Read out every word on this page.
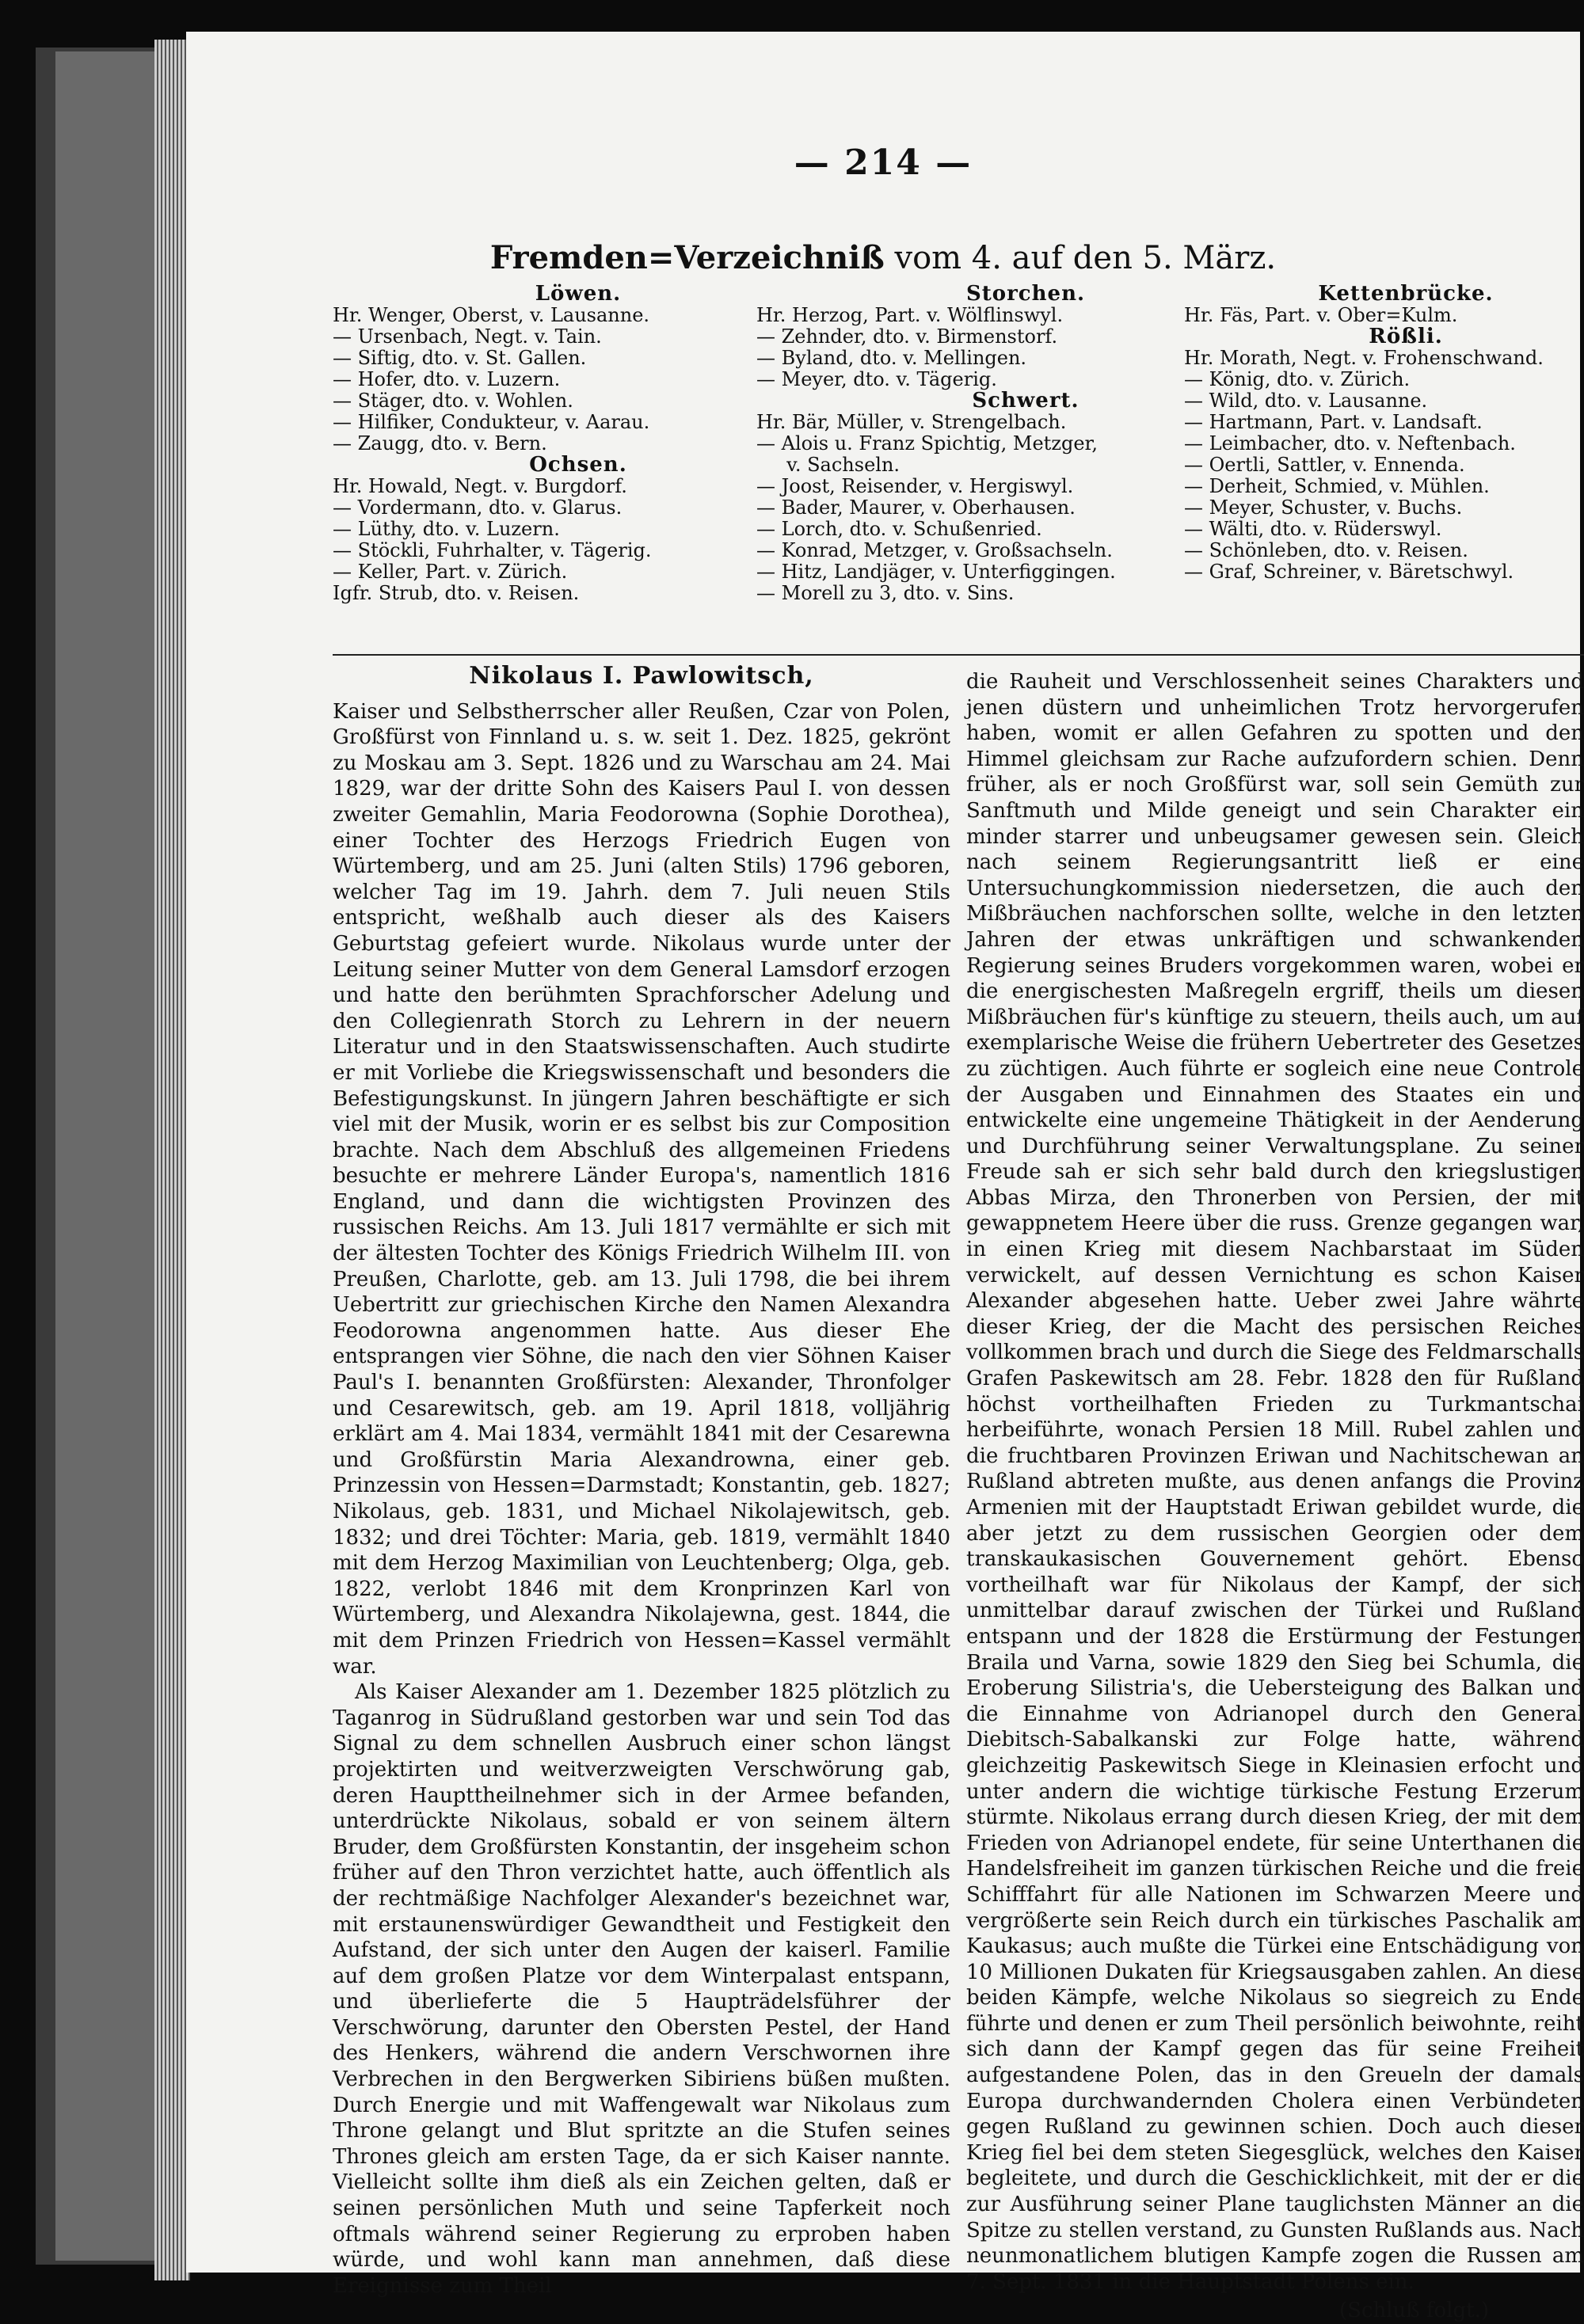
— 214 —
Fremden=Verzeichniß vom 4. auf den 5. März.
Löwen.
Hr. Wenger, Oberst, v. Lausanne.
— Ursenbach, Negt. v. Tain.
— Siftig, dto. v. St. Gallen.
— Hofer, dto. v. Luzern.
— Stäger, dto. v. Wohlen.
— Hilfiker, Condukteur, v. Aarau.
— Zaugg, dto. v. Bern.
Ochsen.
Hr. Howald, Negt. v. Burgdorf.
— Vordermann, dto. v. Glarus.
— Lüthy, dto. v. Luzern.
— Stöckli, Fuhrhalter, v. Tägerig.
— Keller, Part. v. Zürich.
Igfr. Strub, dto. v. Reisen.
Storchen.
Hr. Herzog, Part. v. Wölflinswyl.
— Zehnder, dto. v. Birmenstorf.
— Byland, dto. v. Mellingen.
— Meyer, dto. v. Tägerig.
Schwert.
Hr. Bär, Müller, v. Strengelbach.
— Alois u. Franz Spichtig, Metzger,
v. Sachseln.
— Joost, Reisender, v. Hergiswyl.
— Bader, Maurer, v. Oberhausen.
— Lorch, dto. v. Schußenried.
— Konrad, Metzger, v. Großsachseln.
— Hitz, Landjäger, v. Unterfiggingen.
— Morell zu 3, dto. v. Sins.
Kettenbrücke.
Hr. Fäs, Part. v. Ober=Kulm.
Rößli.
Hr. Morath, Negt. v. Frohenschwand.
— König, dto. v. Zürich.
— Wild, dto. v. Lausanne.
— Hartmann, Part. v. Landsaft.
— Leimbacher, dto. v. Neftenbach.
— Oertli, Sattler, v. Ennenda.
— Derheit, Schmied, v. Mühlen.
— Meyer, Schuster, v. Buchs.
— Wälti, dto. v. Rüderswyl.
— Schönleben, dto. v. Reisen.
— Graf, Schreiner, v. Bäretschwyl.
Nikolaus I. Pawlowitsch,

Kaiser und Selbstherrscher aller Reußen, Czar von Polen, Großfürst von Finnland u. s. w. seit 1. Dez. 1825, gekrönt zu Moskau am 3. Sept. 1826 und zu Warschau am 24. Mai 1829, war der dritte Sohn des Kaisers Paul I. von dessen zweiter Gemahlin, Maria Feodorowna (Sophie Dorothea), einer Tochter des Herzogs Friedrich Eugen von Würtemberg, und am 25. Juni (alten Stils) 1796 geboren, welcher Tag im 19. Jahrh. dem 7. Juli neuen Stils entspricht, weßhalb auch dieser als des Kaisers Geburtstag gefeiert wurde. Nikolaus wurde unter der Leitung seiner Mutter von dem General Lamsdorf erzogen und hatte den berühmten Sprachforscher Adelung und den Collegienrath Storch zu Lehrern in der neuern Literatur und in den Staatswissenschaften. Auch studirte er mit Vorliebe die Kriegswissenschaft und besonders die Befestigungskunst. In jüngern Jahren beschäftigte er sich viel mit der Musik, worin er es selbst bis zur Composition brachte. Nach dem Abschluß des allgemeinen Friedens besuchte er mehrere Länder Europa's, namentlich 1816 England, und dann die wichtigsten Provinzen des russischen Reichs. Am 13. Juli 1817 vermählte er sich mit der ältesten Tochter des Königs Friedrich Wilhelm III. von Preußen, Charlotte, geb. am 13. Juli 1798, die bei ihrem Uebertritt zur griechischen Kirche den Namen Alexandra Feodorowna angenommen hatte. Aus dieser Ehe entsprangen vier Söhne, die nach den vier Söhnen Kaiser Paul's I. benannten Großfürsten: Alexander, Thronfolger und Cesarewitsch, geb. am 19. April 1818, volljährig erklärt am 4. Mai 1834, vermählt 1841 mit der Cesarewna und Großfürstin Maria Alexandrowna, einer geb. Prinzessin von Hessen=Darmstadt; Konstantin, geb. 1827; Nikolaus, geb. 1831, und Michael Nikolajewitsch, geb. 1832; und drei Töchter: Maria, geb. 1819, vermählt 1840 mit dem Herzog Maximilian von Leuchtenberg; Olga, geb. 1822, verlobt 1846 mit dem Kronprinzen Karl von Würtemberg, und Alexandra Nikolajewna, gest. 1844, die mit dem Prinzen Friedrich von Hessen=Kassel vermählt war.

Als Kaiser Alexander am 1. Dezember 1825 plötzlich zu Taganrog in Südrußland gestorben war und sein Tod das Signal zu dem schnellen Ausbruch einer schon längst projektirten und weitverzweigten Verschwörung gab, deren Haupttheilnehmer sich in der Armee befanden, unterdrückte Nikolaus, sobald er von seinem ältern Bruder, dem Großfürsten Konstantin, der insgeheim schon früher auf den Thron verzichtet hatte, auch öffentlich als der rechtmäßige Nachfolger Alexander's bezeichnet war, mit erstaunenswürdiger Gewandtheit und Festigkeit den Aufstand, der sich unter den Augen der kaiserl. Familie auf dem großen Platze vor dem Winterpalast entspann, und überlieferte die 5 Haupträdelsführer der Verschwörung, darunter den Obersten Pestel, der Hand des Henkers, während die andern Verschwornen ihre Verbrechen in den Bergwerken Sibiriens büßen mußten. Durch Energie und mit Waffengewalt war Nikolaus zum Throne gelangt und Blut spritzte an die Stufen seines Thrones gleich am ersten Tage, da er sich Kaiser nannte. Vielleicht sollte ihm dieß als ein Zeichen gelten, daß er seinen persönlichen Muth und seine Tapferkeit noch oftmals während seiner Regierung zu erproben haben würde, und wohl kann man annehmen, daß diese Ereignisse zum Theil

die Rauheit und Verschlossenheit seines Charakters und jenen düstern und unheimlichen Trotz hervorgerufen haben, womit er allen Gefahren zu spotten und den Himmel gleichsam zur Rache aufzufordern schien. Denn früher, als er noch Großfürst war, soll sein Gemüth zur Sanftmuth und Milde geneigt und sein Charakter ein minder starrer und unbeugsamer gewesen sein. Gleich nach seinem Regierungsantritt ließ er eine Untersuchungkommission niedersetzen, die auch den Mißbräuchen nachforschen sollte, welche in den letzten Jahren der etwas unkräftigen und schwankenden Regierung seines Bruders vorgekommen waren, wobei er die energischesten Maßregeln ergriff, theils um diesen Mißbräuchen für's künftige zu steuern, theils auch, um auf exemplarische Weise die frühern Uebertreter des Gesetzes zu züchtigen. Auch führte er sogleich eine neue Controle der Ausgaben und Einnahmen des Staates ein und entwickelte eine ungemeine Thätigkeit in der Aenderung und Durchführung seiner Verwaltungsplane. Zu seiner Freude sah er sich sehr bald durch den kriegslustigen Abbas Mirza, den Thronerben von Persien, der mit gewappnetem Heere über die russ. Grenze gegangen war, in einen Krieg mit diesem Nachbarstaat im Süden verwickelt, auf dessen Vernichtung es schon Kaiser Alexander abgesehen hatte. Ueber zwei Jahre währte dieser Krieg, der die Macht des persischen Reiches vollkommen brach und durch die Siege des Feldmarschalls Grafen Paskewitsch am 28. Febr. 1828 den für Rußland höchst vortheilhaften Frieden zu Turkmantschai herbeiführte, wonach Persien 18 Mill. Rubel zahlen und die fruchtbaren Provinzen Eriwan und Nachitschewan an Rußland abtreten mußte, aus denen anfangs die Provinz Armenien mit der Hauptstadt Eriwan gebildet wurde, die aber jetzt zu dem russischen Georgien oder dem transkaukasischen Gouvernement gehört. Ebenso vortheilhaft war für Nikolaus der Kampf, der sich unmittelbar darauf zwischen der Türkei und Rußland entspann und der 1828 die Erstürmung der Festungen Braila und Varna, sowie 1829 den Sieg bei Schumla, die Eroberung Silistria's, die Uebersteigung des Balkan und die Einnahme von Adrianopel durch den General Diebitsch-Sabalkanski zur Folge hatte, während gleichzeitig Paskewitsch Siege in Kleinasien erfocht und unter andern die wichtige türkische Festung Erzerum stürmte. Nikolaus errang durch diesen Krieg, der mit dem Frieden von Adrianopel endete, für seine Unterthanen die Handelsfreiheit im ganzen türkischen Reiche und die freie Schifffahrt für alle Nationen im Schwarzen Meere und vergrößerte sein Reich durch ein türkisches Paschalik am Kaukasus; auch mußte die Türkei eine Entschädigung von 10 Millionen Dukaten für Kriegsausgaben zahlen. An diese beiden Kämpfe, welche Nikolaus so siegreich zu Ende führte und denen er zum Theil persönlich beiwohnte, reiht sich dann der Kampf gegen das für seine Freiheit aufgestandene Polen, das in den Greueln der damals Europa durchwandernden Cholera einen Verbündeten gegen Rußland zu gewinnen schien. Doch auch dieser Krieg fiel bei dem steten Siegesglück, welches den Kaiser begleitete, und durch die Geschicklichkeit, mit der er die zur Ausführung seiner Plane tauglichsten Männer an die Spitze zu stellen verstand, zu Gunsten Rußlands aus. Nach neunmonatlichem blutigen Kampfe zogen die Russen am 7. Sept. 1831 in die Hauptstadt Polens ein.

(Schluß folgt.)
